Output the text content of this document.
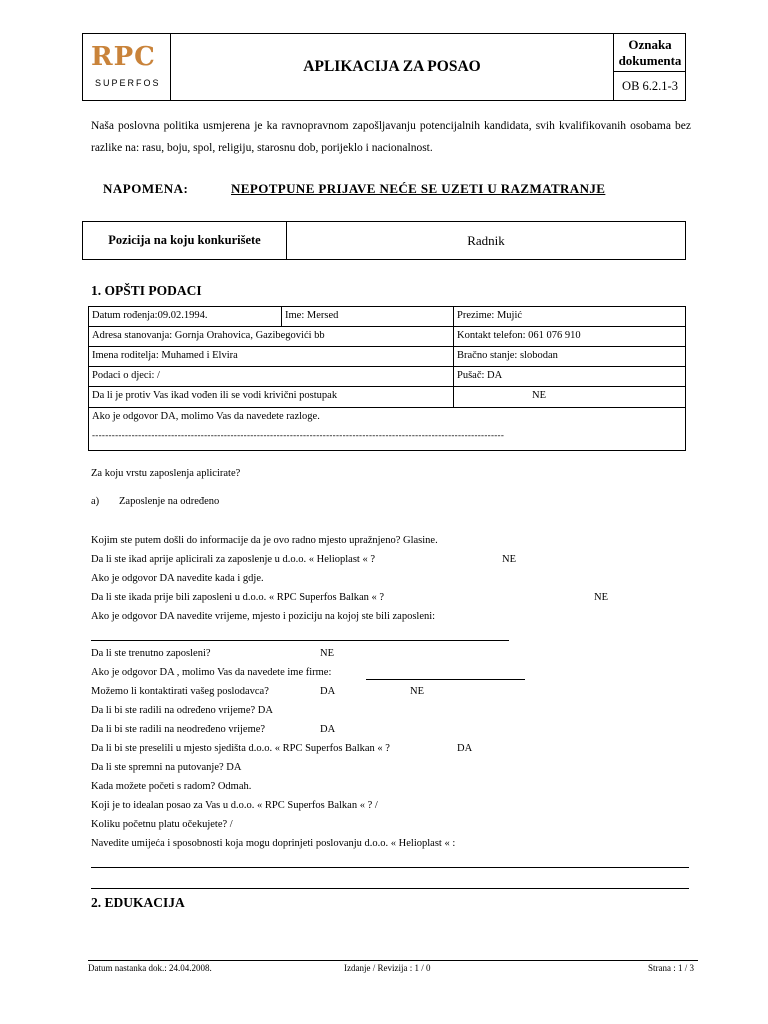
RPC
SUPERFOS
APLIKACIJA ZA POSAO
Oznaka dokumenta
OB 6.2.1-3
Naša poslovna politika usmjerena je ka ravnopravnom zapošljavanju potencijalnih kandidata, svih kvalifikovanih osobama bez razlike na: rasu, boju, spol, religiju, starosnu dob, porijeklo i nacionalnost.
NAPOMENA:	NEPOTPUNE PRIJAVE NEĆE SE UZETI U RAZMATRANJE
Pozicija na koju konkurišete	Radnik
1. OPŠTI PODACI
Datum rođenja:09.02.1994.	Ime: Mersed	Prezime: Mujić
Adresa stanovanja: Gornja Orahovica, Gazibegovići bb	Kontakt telefon: 061 076 910
Imena roditelja: Muhamed i Elvira	Bračno stanje: slobodan
Podaci o djeci: /	Pušač: DA
Da li je protiv Vas ikad vođen ili se vodi krivični postupak	NE
Ako je odgovor DA, molimo Vas da navedete razloge.
-----------------------------------------------------------------------------------------------------------------------------
Za koju vrstu zaposlenja aplicirate?
a) Zaposlenje na određeno
Kojim ste putem došli do informacije da je ovo radno mjesto upražnjeno? Glasine.
Da li ste ikad aprije aplicirali za zaposlenje u d.o.o. « Helioplast « ?	NE
Ako je odgovor DA navedite kada i gdje.
Da li ste ikada prije bili zaposleni u d.o.o. « RPC Superfos Balkan « ?	NE
Ako je odgovor DA navedite vrijeme, mjesto i poziciju na kojoj ste bili zaposleni:
Da li ste trenutno zaposleni?	NE
Ako je odgovor DA , molimo Vas da navedete ime firme:
Možemo li kontaktirati vašeg poslodavca?	DA	NE
Da li bi ste radili na određeno vrijeme? DA
Da li bi ste radili na neodređeno vrijeme?	DA
Da li bi ste preselili u mjesto sjedišta d.o.o. « RPC Superfos Balkan « ?	DA
Da li ste spremni na putovanje? DA
Kada možete početi s radom? Odmah.
Koji je to idealan posao za Vas u d.o.o. « RPC Superfos Balkan « ? /
Koliku početnu platu očekujete? /
Navedite umijeća i sposobnosti koja mogu doprinjeti poslovanju d.o.o. « Helioplast « :
2. EDUKACIJA
Datum nastanka dok.: 24.04.2008.	Izdanje / Revizija : 1 / 0	Strana : 1 / 3
